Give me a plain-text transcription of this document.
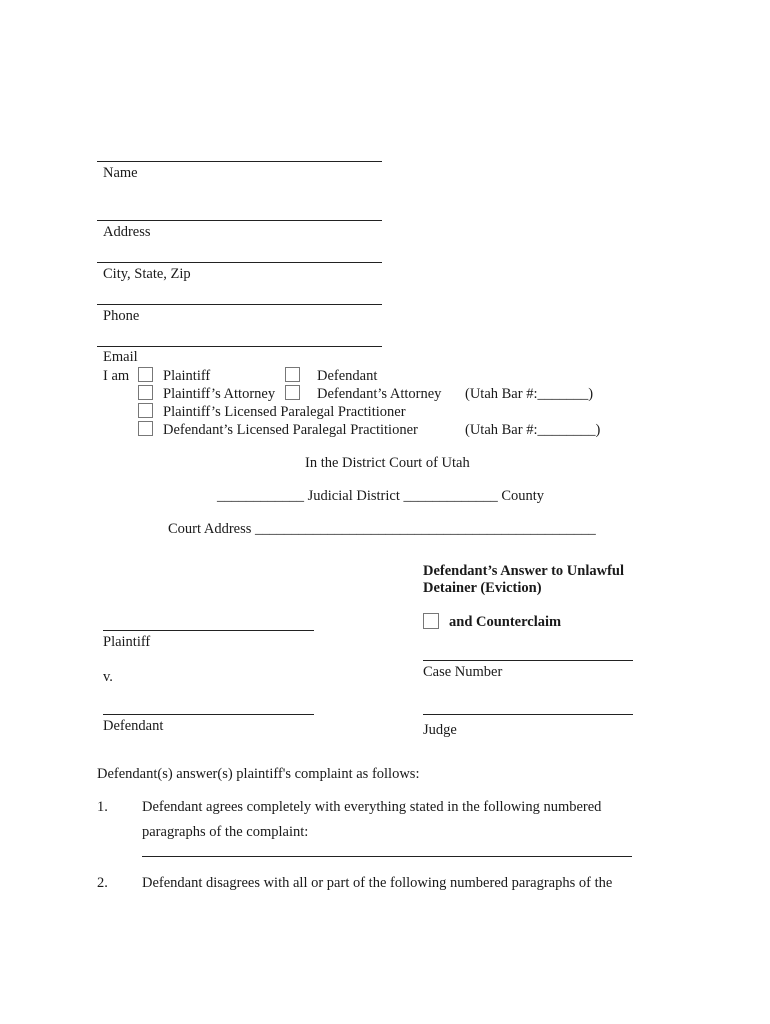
Name
Address
City, State, Zip
Phone
Email
I am Plaintiff	Defendant
Plaintiff’s Attorney	Defendant’s Attorney (Utah Bar #:_______)
Plaintiff’s Licensed Paralegal Practitioner
Defendant’s Licensed Paralegal Practitioner	(Utah Bar #:________)
In the District Court of Utah
____________ Judicial District _____________ County
Court Address _______________________________________________
Defendant’s Answer to Unlawful
Detainer (Eviction)
and Counterclaim
Case Number
Judge
Plaintiff
v.
Defendant
Defendant(s) answer(s) plaintiff's complaint as follows:
1. Defendant agrees completely with everything stated in the following numbered
paragraphs of the complaint:
2. Defendant disagrees with all or part of the following numbered paragraphs of the
